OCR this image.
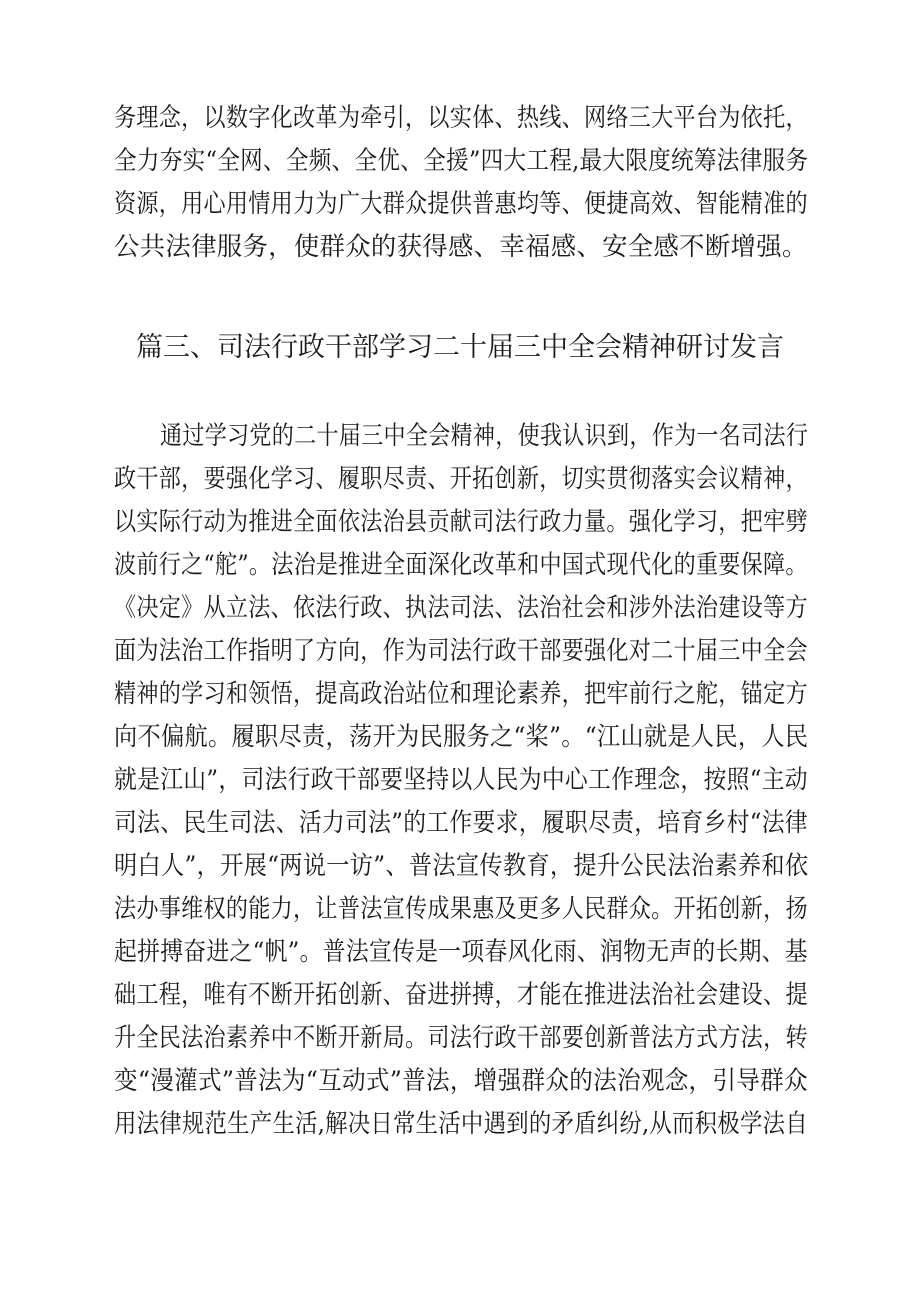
务理念，以数字化改革为牵引，以实体、热线、网络三大平台为依托，
全力夯实“全网、全频、全优、全援”四大工程,最大限度统筹法律服务
资源，用心用情用力为广大群众提供普惠均等、便捷高效、智能精准的
公共法律服务，使群众的获得感、幸福感、安全感不断增强。
篇三、司法行政干部学习二十届三中全会精神研讨发言
通过学习党的二十届三中全会精神，使我认识到，作为一名司法行
政干部，要强化学习、履职尽责、开拓创新，切实贯彻落实会议精神，
以实际行动为推进全面依法治县贡献司法行政力量。强化学习，把牢劈
波前行之“舵”。法治是推进全面深化改革和中国式现代化的重要保障。
《决定》从立法、依法行政、执法司法、法治社会和涉外法治建设等方
面为法治工作指明了方向，作为司法行政干部要强化对二十届三中全会
精神的学习和领悟，提高政治站位和理论素养，把牢前行之舵，锚定方
向不偏航。履职尽责，荡开为民服务之“桨”。“江山就是人民，人民
就是江山”，司法行政干部要坚持以人民为中心工作理念，按照“主动
司法、民生司法、活力司法”的工作要求，履职尽责，培育乡村“法律
明白人”，开展“两说一访”、普法宣传教育，提升公民法治素养和依
法办事维权的能力，让普法宣传成果惠及更多人民群众。开拓创新，扬
起拼搏奋进之“帆”。普法宣传是一项春风化雨、润物无声的长期、基
础工程，唯有不断开拓创新、奋进拼搏，才能在推进法治社会建设、提
升全民法治素养中不断开新局。司法行政干部要创新普法方式方法，转
变“漫灌式”普法为“互动式”普法，增强群众的法治观念，引导群众
用法律规范生产生活,解决日常生活中遇到的矛盾纠纷,从而积极学法自
